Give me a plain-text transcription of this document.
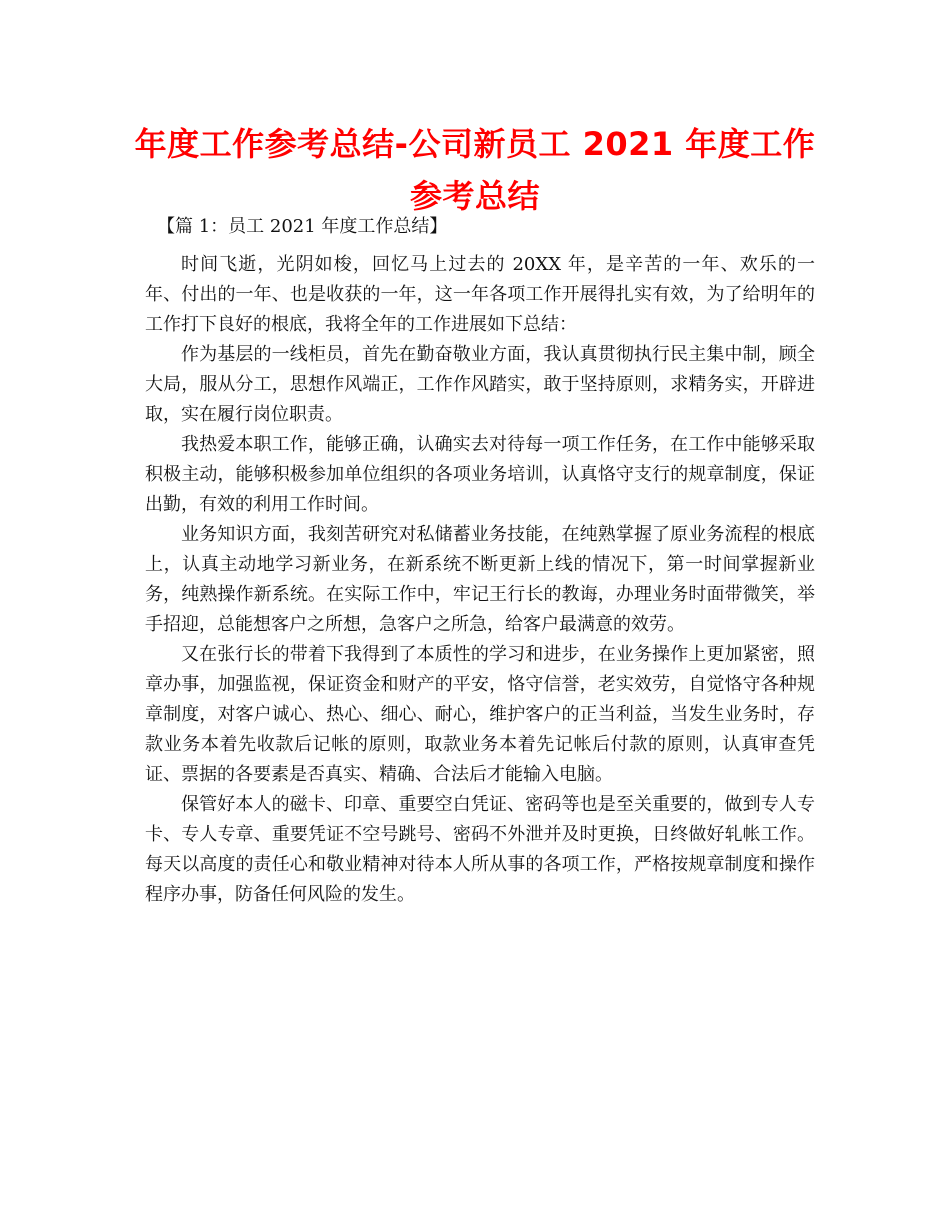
年度工作参考总结-公司新员工 2021 年度工作参考总结

【篇 1：员工 2021 年度工作总结】

时间飞逝，光阴如梭，回忆马上过去的 20XX 年，是辛苦的一年、欢乐的一年、付出的一年、也是收获的一年，这一年各项工作开展得扎实有效，为了给明年的工作打下良好的根底，我将全年的工作进展如下总结：

作为基层的一线柜员，首先在勤奋敬业方面，我认真贯彻执行民主集中制，顾全大局，服从分工，思想作风端正，工作作风踏实，敢于坚持原则，求精务实，开辟进取，实在履行岗位职责。

我热爱本职工作，能够正确，认确实去对待每一项工作任务，在工作中能够采取积极主动，能够积极参加单位组织的各项业务培训，认真恪守支行的规章制度，保证出勤，有效的利用工作时间。

业务知识方面，我刻苦研究对私储蓄业务技能，在纯熟掌握了原业务流程的根底上，认真主动地学习新业务，在新系统不断更新上线的情况下，第一时间掌握新业务，纯熟操作新系统。在实际工作中，牢记王行长的教诲，办理业务时面带微笑，举手招迎，总能想客户之所想，急客户之所急，给客户最满意的效劳。

又在张行长的带着下我得到了本质性的学习和进步，在业务操作上更加紧密，照章办事，加强监视，保证资金和财产的平安，恪守信誉，老实效劳，自觉恪守各种规章制度，对客户诚心、热心、细心、耐心，维护客户的正当利益，当发生业务时，存款业务本着先收款后记帐的原则，取款业务本着先记帐后付款的原则，认真审查凭证、票据的各要素是否真实、精确、合法后才能输入电脑。

保管好本人的磁卡、印章、重要空白凭证、密码等也是至关重要的，做到专人专卡、专人专章、重要凭证不空号跳号、密码不外泄并及时更换，日终做好轧帐工作。每天以高度的责任心和敬业精神对待本人所从事的各项工作，严格按规章制度和操作程序办事，防备任何风险的发生。
